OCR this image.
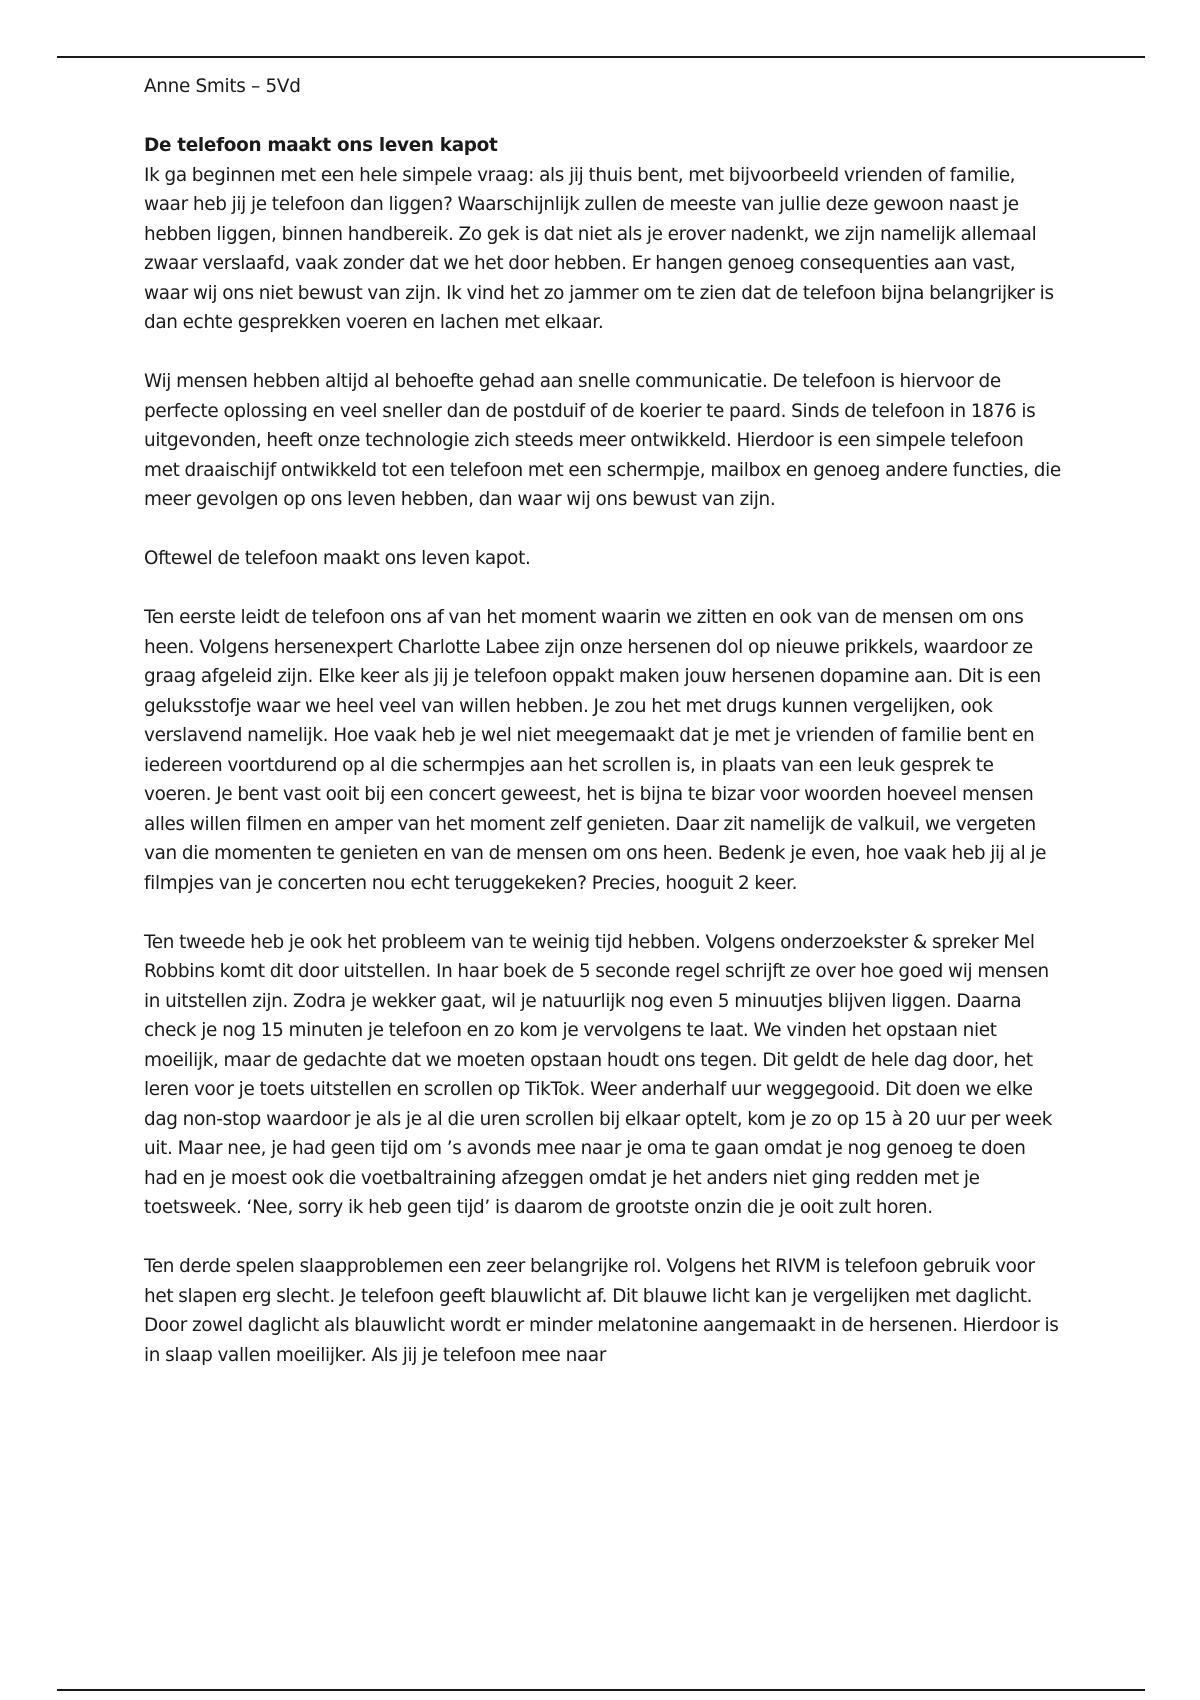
Anne Smits – 5Vd

De telefoon maakt ons leven kapot

Ik ga beginnen met een hele simpele vraag: als jij thuis bent, met bijvoorbeeld vrienden of familie, waar heb jij je telefoon dan liggen? Waarschijnlijk zullen de meeste van jullie deze gewoon naast je hebben liggen, binnen handbereik. Zo gek is dat niet als je erover nadenkt, we zijn namelijk allemaal zwaar verslaafd, vaak zonder dat we het door hebben. Er hangen genoeg consequenties aan vast, waar wij ons niet bewust van zijn. Ik vind het zo jammer om te zien dat de telefoon bijna belangrijker is dan echte gesprekken voeren en lachen met elkaar.

Wij mensen hebben altijd al behoefte gehad aan snelle communicatie. De telefoon is hiervoor de perfecte oplossing en veel sneller dan de postduif of de koerier te paard. Sinds de telefoon in 1876 is uitgevonden, heeft onze technologie zich steeds meer ontwikkeld. Hierdoor is een simpele telefoon met draaischijf ontwikkeld tot een telefoon met een schermpje, mailbox en genoeg andere functies, die meer gevolgen op ons leven hebben, dan waar wij ons bewust van zijn.

Oftewel de telefoon maakt ons leven kapot.

Ten eerste leidt de telefoon ons af van het moment waarin we zitten en ook van de mensen om ons heen. Volgens hersenexpert Charlotte Labee zijn onze hersenen dol op nieuwe prikkels, waardoor ze graag afgeleid zijn. Elke keer als jij je telefoon oppakt maken jouw hersenen dopamine aan. Dit is een geluksstofje waar we heel veel van willen hebben. Je zou het met drugs kunnen vergelijken, ook verslavend namelijk. Hoe vaak heb je wel niet meegemaakt dat je met je vrienden of familie bent en iedereen voortdurend op al die schermpjes aan het scrollen is, in plaats van een leuk gesprek te voeren. Je bent vast ooit bij een concert geweest, het is bijna te bizar voor woorden hoeveel mensen alles willen filmen en amper van het moment zelf genieten. Daar zit namelijk de valkuil, we vergeten van die momenten te genieten en van de mensen om ons heen. Bedenk je even, hoe vaak heb jij al je filmpjes van je concerten nou echt teruggekeken? Precies, hooguit 2 keer.

Ten tweede heb je ook het probleem van te weinig tijd hebben. Volgens onderzoekster & spreker Mel Robbins komt dit door uitstellen. In haar boek de 5 seconde regel schrijft ze over hoe goed wij mensen in uitstellen zijn. Zodra je wekker gaat, wil je natuurlijk nog even 5 minuutjes blijven liggen. Daarna check je nog 15 minuten je telefoon en zo kom je vervolgens te laat. We vinden het opstaan niet moeilijk, maar de gedachte dat we moeten opstaan houdt ons tegen. Dit geldt de hele dag door, het leren voor je toets uitstellen en scrollen op TikTok. Weer anderhalf uur weggegooid. Dit doen we elke dag non-stop waardoor je als je al die uren scrollen bij elkaar optelt, kom je zo op 15 à 20 uur per week uit. Maar nee, je had geen tijd om ’s avonds mee naar je oma te gaan omdat je nog genoeg te doen had en je moest ook die voetbaltraining afzeggen omdat je het anders niet ging redden met je toetsweek. ‘Nee, sorry ik heb geen tijd’ is daarom de grootste onzin die je ooit zult horen.

Ten derde spelen slaapproblemen een zeer belangrijke rol. Volgens het RIVM is telefoon gebruik voor het slapen erg slecht. Je telefoon geeft blauwlicht af. Dit blauwe licht kan je vergelijken met daglicht. Door zowel daglicht als blauwlicht wordt er minder melatonine aangemaakt in de hersenen. Hierdoor is in slaap vallen moeilijker. Als jij je telefoon mee naar
